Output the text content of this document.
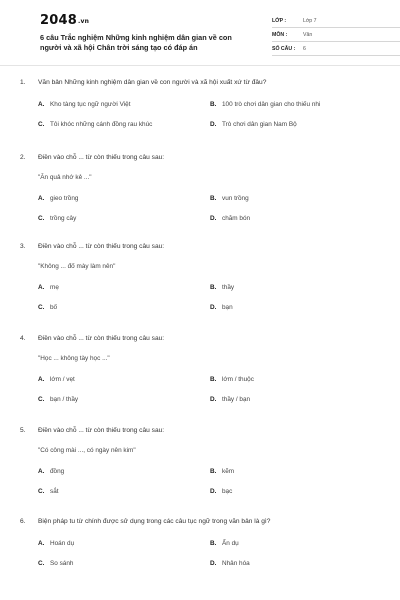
2048.vn
6 câu Trắc nghiệm Những kinh nghiệm dân gian về con người và xã hội Chân trời sáng tạo có đáp án
LỚP :	Lớp 7
MÔN :	Văn
SỐ CÂU :	6
1.	Văn bản Những kinh nghiệm dân gian về con người và xã hội xuất xứ từ đâu?
A. Kho tàng tục ngữ người Việt	B. 100 trò chơi dân gian cho thiếu nhi
C. Tôi khóc những cánh đồng rau khúc	D. Trò chơi dân gian Nam Bộ
2.	Điền vào chỗ ... từ còn thiếu trong câu sau:
"Ăn quả nhớ kẻ ..."
A. gieo trồng	B. vun trồng
C. trồng cây	D. chăm bón
3.	Điền vào chỗ ... từ còn thiếu trong câu sau:
"Không ... đố mày làm nên"
A. mẹ	B. thầy
C. bố	D. bạn
4.	Điền vào chỗ ... từ còn thiếu trong câu sau:
"Học ... không tày học ..."
A. lớm / vẹt	B. lớm / thuộc
C. bạn / thầy	D. thầy / bạn
5.	Điền vào chỗ ... từ còn thiếu trong câu sau:
"Có công mài ..., có ngày nên kim"
A. đồng	B. kẽm
C. sắt	D. bạc
6.	Biện pháp tu từ chính được sử dụng trong các câu tục ngữ trong văn bản là gì?
A. Hoán dụ	B. Ẩn dụ
C. So sánh	D. Nhân hóa
